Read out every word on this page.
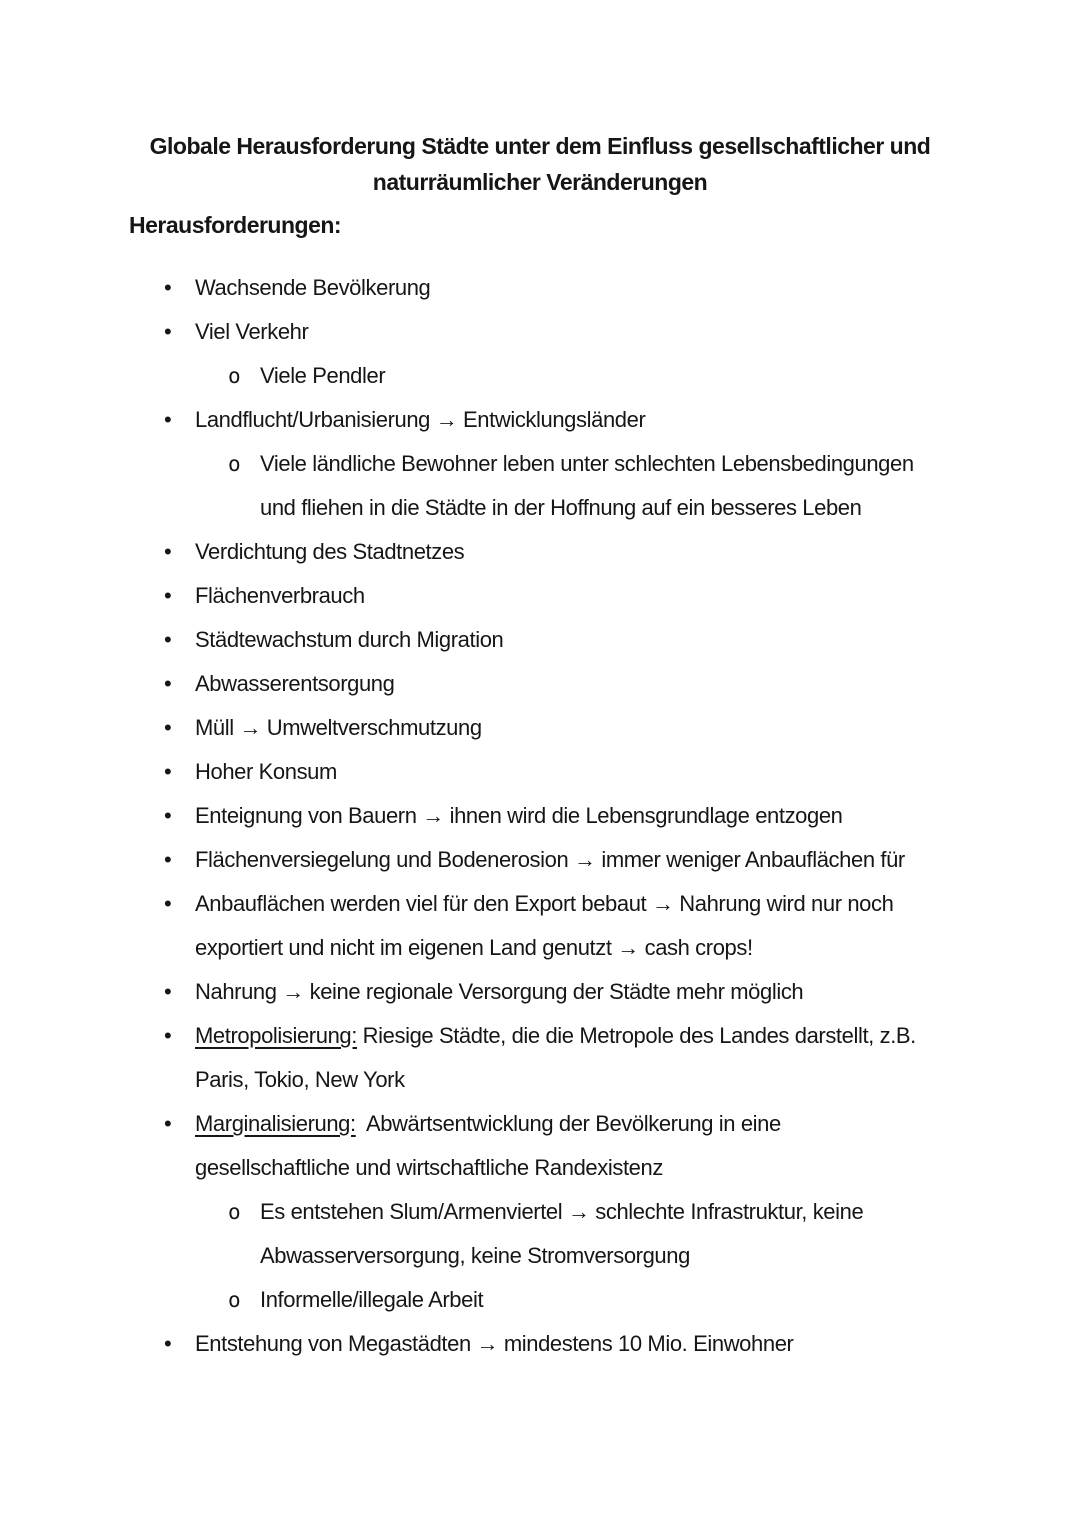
Globale Herausforderung Städte unter dem Einfluss gesellschaftlicher und
naturräumlicher Veränderungen
Herausforderungen:
• Wachsende Bevölkerung
• Viel Verkehr
o Viele Pendler
• Landflucht/Urbanisierung → Entwicklungsländer
o Viele ländliche Bewohner leben unter schlechten Lebensbedingungen
und fliehen in die Städte in der Hoffnung auf ein besseres Leben
• Verdichtung des Stadtnetzes
• Flächenverbrauch
• Städtewachstum durch Migration
• Abwasserentsorgung
• Müll → Umweltverschmutzung
• Hoher Konsum
• Enteignung von Bauern → ihnen wird die Lebensgrundlage entzogen
• Flächenversiegelung und Bodenerosion → immer weniger Anbauflächen für
• Anbauflächen werden viel für den Export bebaut → Nahrung wird nur noch
exportiert und nicht im eigenen Land genutzt → cash crops!
• Nahrung → keine regionale Versorgung der Städte mehr möglich
• Metropolisierung: Riesige Städte, die die Metropole des Landes darstellt, z.B.
Paris, Tokio, New York
• Marginalisierung:  Abwärtsentwicklung der Bevölkerung in eine
gesellschaftliche und wirtschaftliche Randexistenz
o Es entstehen Slum/Armenviertel → schlechte Infrastruktur, keine
Abwasserversorgung, keine Stromversorgung
o Informelle/illegale Arbeit
• Entstehung von Megastädten → mindestens 10 Mio. Einwohner
